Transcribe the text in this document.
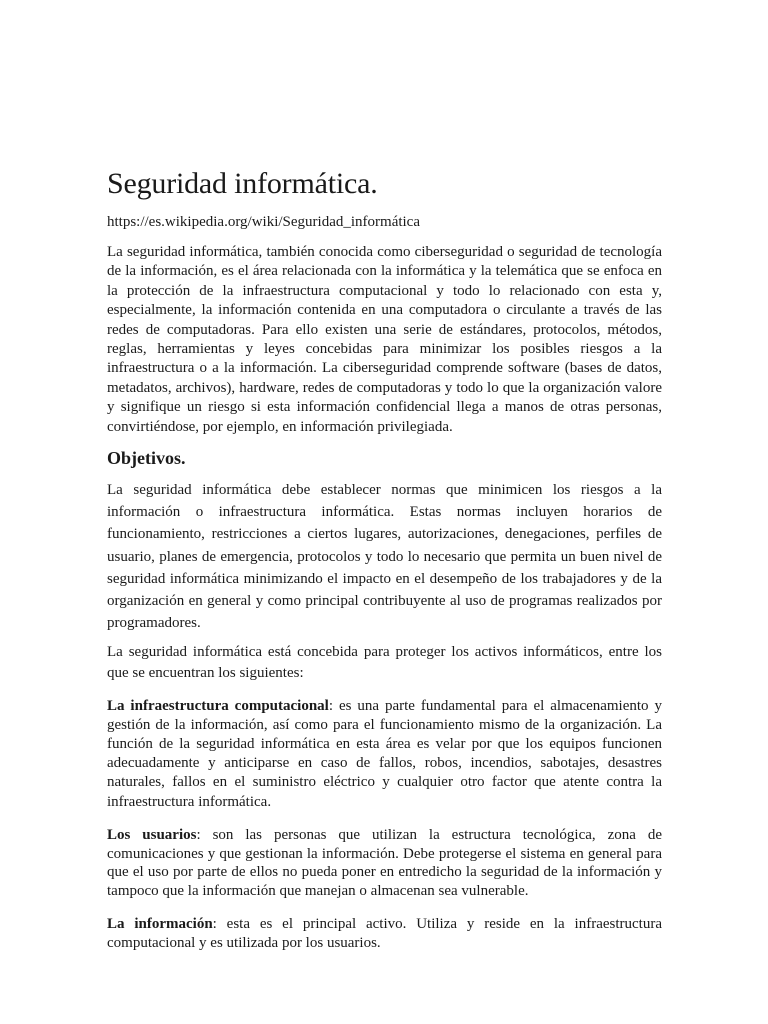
Seguridad informática.
https://es.wikipedia.org/wiki/Seguridad_informática

La seguridad informática, también conocida como ciberseguridad o seguridad de tecnología de la información, es el área relacionada con la informática y la telemática que se enfoca en la protección de la infraestructura computacional y todo lo relacionado con esta y, especialmente, la información contenida en una computadora o circulante a través de las redes de computadoras. Para ello existen una serie de estándares, protocolos, métodos, reglas, herramientas y leyes concebidas para minimizar los posibles riesgos a la infraestructura o a la información. La ciberseguridad comprende software (bases de datos, metadatos, archivos), hardware, redes de computadoras y todo lo que la organización valore y signifique un riesgo si esta información confidencial llega a manos de otras personas, convirtiéndose, por ejemplo, en información privilegiada.

Objetivos.

La seguridad informática debe establecer normas que minimicen los riesgos a la información o infraestructura informática. Estas normas incluyen horarios de funcionamiento, restricciones a ciertos lugares, autorizaciones, denegaciones, perfiles de usuario, planes de emergencia, protocolos y todo lo necesario que permita un buen nivel de seguridad informática minimizando el impacto en el desempeño de los trabajadores y de la organización en general y como principal contribuyente al uso de programas realizados por programadores.

La seguridad informática está concebida para proteger los activos informáticos, entre los que se encuentran los siguientes:

La infraestructura computacional: es una parte fundamental para el almacenamiento y gestión de la información, así como para el funcionamiento mismo de la organización. La función de la seguridad informática en esta área es velar por que los equipos funcionen adecuadamente y anticiparse en caso de fallos, robos, incendios, sabotajes, desastres naturales, fallos en el suministro eléctrico y cualquier otro factor que atente contra la infraestructura informática.

Los usuarios: son las personas que utilizan la estructura tecnológica, zona de comunicaciones y que gestionan la información. Debe protegerse el sistema en general para que el uso por parte de ellos no pueda poner en entredicho la seguridad de la información y tampoco que la información que manejan o almacenan sea vulnerable.

La información: esta es el principal activo. Utiliza y reside en la infraestructura computacional y es utilizada por los usuarios.
